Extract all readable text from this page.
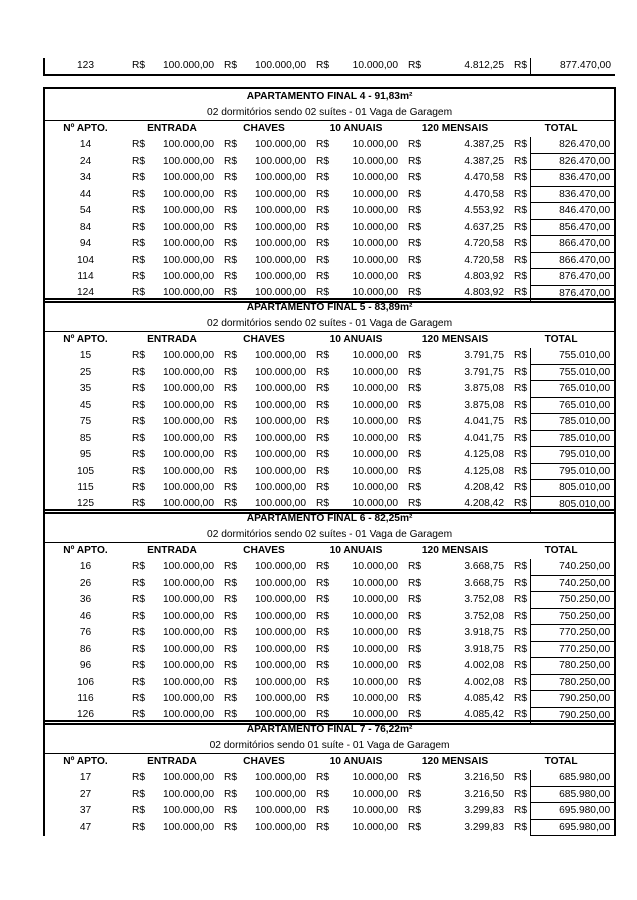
123	R$	100.000,00	R$	100.000,00	R$	10.000,00	R$	4.812,25	R$	877.470,00
APARTAMENTO FINAL 4 - 91,83m²										
02 dormitórios sendo 02 suítes - 01 Vaga de Garagem										
Nº APTO.	ENTRADA		CHAVES		10 ANUAIS		120 MENSAIS		TOTAL	
14	R$	100.000,00	R$	100.000,00	R$	10.000,00	R$	4.387,25	R$	826.470,00
24	R$	100.000,00	R$	100.000,00	R$	10.000,00	R$	4.387,25	R$	826.470,00
34	R$	100.000,00	R$	100.000,00	R$	10.000,00	R$	4.470,58	R$	836.470,00
44	R$	100.000,00	R$	100.000,00	R$	10.000,00	R$	4.470,58	R$	836.470,00
54	R$	100.000,00	R$	100.000,00	R$	10.000,00	R$	4.553,92	R$	846.470,00
84	R$	100.000,00	R$	100.000,00	R$	10.000,00	R$	4.637,25	R$	856.470,00
94	R$	100.000,00	R$	100.000,00	R$	10.000,00	R$	4.720,58	R$	866.470,00
104	R$	100.000,00	R$	100.000,00	R$	10.000,00	R$	4.720,58	R$	866.470,00
114	R$	100.000,00	R$	100.000,00	R$	10.000,00	R$	4.803,92	R$	876.470,00
124	R$	100.000,00	R$	100.000,00	R$	10.000,00	R$	4.803,92	R$	876.470,00
APARTAMENTO FINAL 5 - 83,89m²										
02 dormitórios sendo 02 suítes - 01 Vaga de Garagem										
Nº APTO.	ENTRADA		CHAVES		10 ANUAIS		120 MENSAIS		TOTAL	
15	R$	100.000,00	R$	100.000,00	R$	10.000,00	R$	3.791,75	R$	755.010,00
25	R$	100.000,00	R$	100.000,00	R$	10.000,00	R$	3.791,75	R$	755.010,00
35	R$	100.000,00	R$	100.000,00	R$	10.000,00	R$	3.875,08	R$	765.010,00
45	R$	100.000,00	R$	100.000,00	R$	10.000,00	R$	3.875,08	R$	765.010,00
75	R$	100.000,00	R$	100.000,00	R$	10.000,00	R$	4.041,75	R$	785.010,00
85	R$	100.000,00	R$	100.000,00	R$	10.000,00	R$	4.041,75	R$	785.010,00
95	R$	100.000,00	R$	100.000,00	R$	10.000,00	R$	4.125,08	R$	795.010,00
105	R$	100.000,00	R$	100.000,00	R$	10.000,00	R$	4.125,08	R$	795.010,00
115	R$	100.000,00	R$	100.000,00	R$	10.000,00	R$	4.208,42	R$	805.010,00
125	R$	100.000,00	R$	100.000,00	R$	10.000,00	R$	4.208,42	R$	805.010,00
APARTAMENTO FINAL 6 - 82,25m²										
02 dormitórios sendo 02 suítes - 01 Vaga de Garagem										
Nº APTO.	ENTRADA		CHAVES		10 ANUAIS		120 MENSAIS		TOTAL	
16	R$	100.000,00	R$	100.000,00	R$	10.000,00	R$	3.668,75	R$	740.250,00
26	R$	100.000,00	R$	100.000,00	R$	10.000,00	R$	3.668,75	R$	740.250,00
36	R$	100.000,00	R$	100.000,00	R$	10.000,00	R$	3.752,08	R$	750.250,00
46	R$	100.000,00	R$	100.000,00	R$	10.000,00	R$	3.752,08	R$	750.250,00
76	R$	100.000,00	R$	100.000,00	R$	10.000,00	R$	3.918,75	R$	770.250,00
86	R$	100.000,00	R$	100.000,00	R$	10.000,00	R$	3.918,75	R$	770.250,00
96	R$	100.000,00	R$	100.000,00	R$	10.000,00	R$	4.002,08	R$	780.250,00
106	R$	100.000,00	R$	100.000,00	R$	10.000,00	R$	4.002,08	R$	780.250,00
116	R$	100.000,00	R$	100.000,00	R$	10.000,00	R$	4.085,42	R$	790.250,00
126	R$	100.000,00	R$	100.000,00	R$	10.000,00	R$	4.085,42	R$	790.250,00
APARTAMENTO FINAL 7 - 76,22m²										
02 dormitórios sendo 01 suíte - 01 Vaga de Garagem										
Nº APTO.	ENTRADA		CHAVES		10 ANUAIS		120 MENSAIS		TOTAL	
17	R$	100.000,00	R$	100.000,00	R$	10.000,00	R$	3.216,50	R$	685.980,00
27	R$	100.000,00	R$	100.000,00	R$	10.000,00	R$	3.216,50	R$	685.980,00
37	R$	100.000,00	R$	100.000,00	R$	10.000,00	R$	3.299,83	R$	695.980,00
47	R$	100.000,00	R$	100.000,00	R$	10.000,00	R$	3.299,83	R$	695.980,00
